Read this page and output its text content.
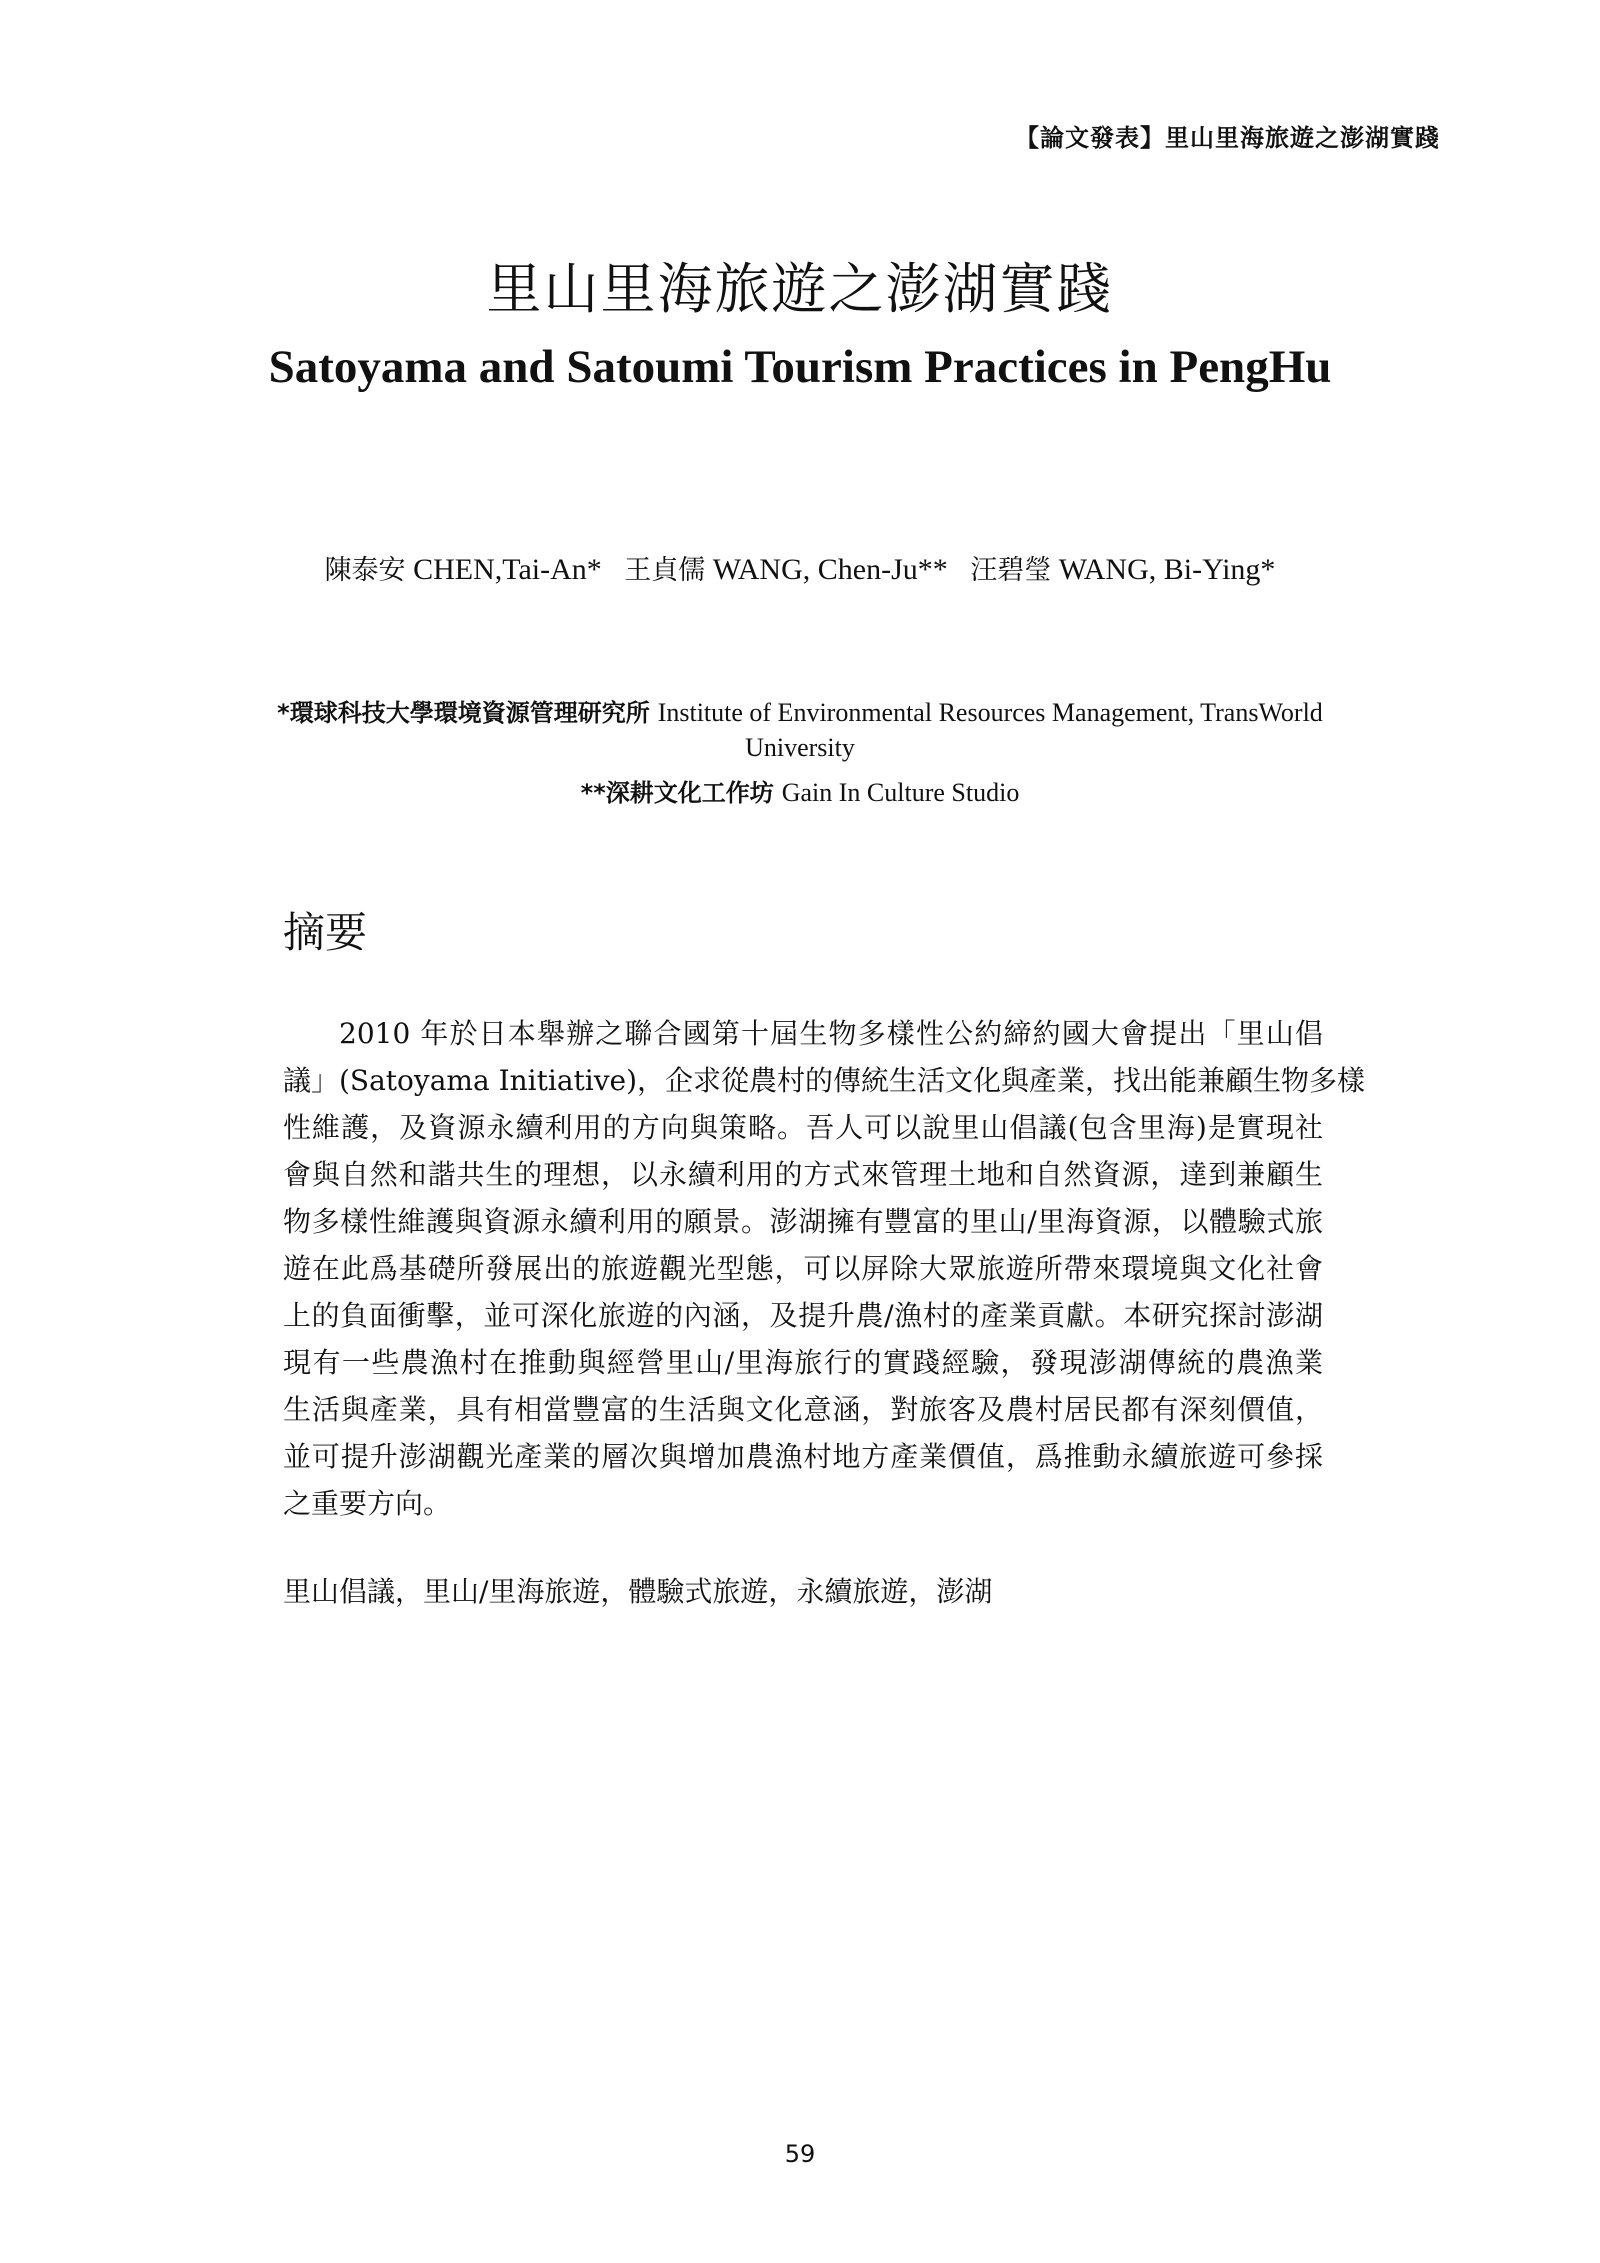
【論文發表】里山里海旅遊之澎湖實踐
里山里海旅遊之澎湖實踐
Satoyama and Satoumi Tourism Practices in PengHu
陳泰安 CHEN,Tai-An* 王貞儒 WANG, Chen-Ju** 汪碧瑩 WANG, Bi-Ying*
*環球科技大學環境資源管理研究所 Institute of Environmental Resources Management, TransWorld
University
**深耕文化工作坊 Gain In Culture Studio
摘要
2010 年於日本舉辦之聯合國第十屆生物多樣性公約締約國大會提出「里山倡
議」(Satoyama Initiative)，企求從農村的傳統生活文化與產業，找出能兼顧生物多樣
性維護，及資源永續利用的方向與策略。吾人可以說里山倡議(包含里海)是實現社
會與自然和諧共生的理想，以永續利用的方式來管理土地和自然資源，達到兼顧生
物多樣性維護與資源永續利用的願景。澎湖擁有豐富的里山/里海資源，以體驗式旅
遊在此爲基礎所發展出的旅遊觀光型態，可以屏除大眾旅遊所帶來環境與文化社會
上的負面衝擊，並可深化旅遊的內涵，及提升農/漁村的產業貢獻。本研究探討澎湖
現有一些農漁村在推動與經營里山/里海旅行的實踐經驗，發現澎湖傳統的農漁業
生活與產業，具有相當豐富的生活與文化意涵，對旅客及農村居民都有深刻價值，
並可提升澎湖觀光產業的層次與增加農漁村地方產業價值，爲推動永續旅遊可參採
之重要方向。
里山倡議，里山/里海旅遊，體驗式旅遊，永續旅遊，澎湖
59
